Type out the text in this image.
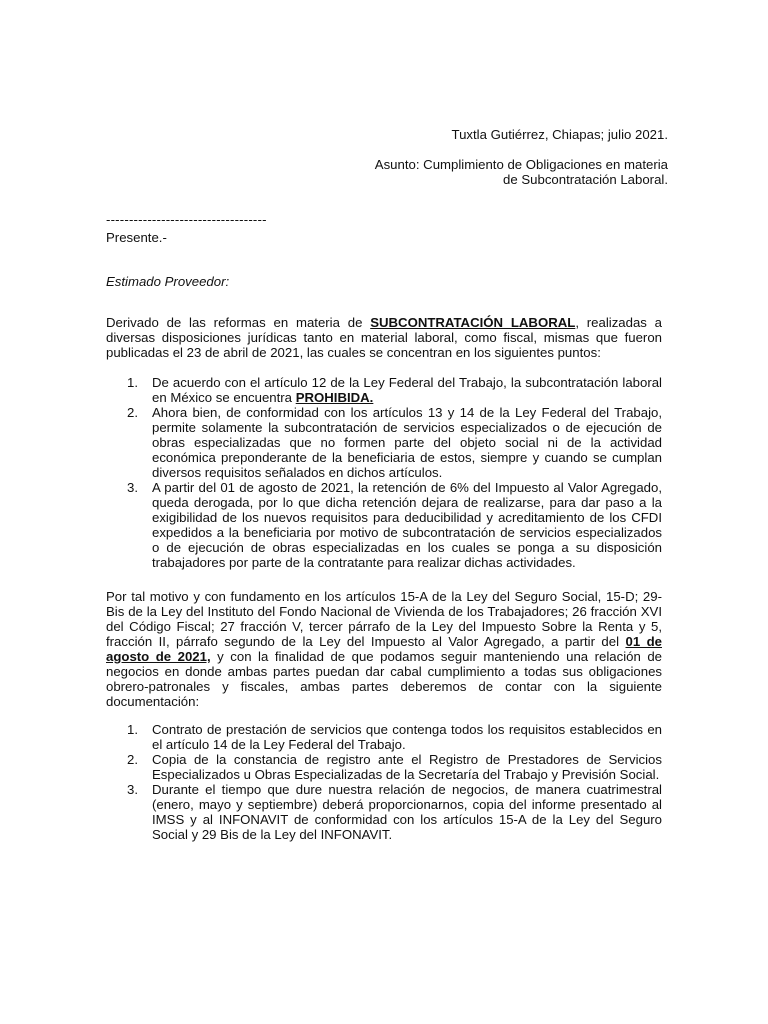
Tuxtla Gutiérrez, Chiapas; julio 2021.
Asunto: Cumplimiento de Obligaciones en materia
de Subcontratación Laboral.
-----------------------------------
Presente.-
Estimado Proveedor:
Derivado de las reformas en materia de SUBCONTRATACIÓN LABORAL, realizadas a diversas disposiciones jurídicas tanto en material laboral, como fiscal, mismas que fueron publicadas el 23 de abril de 2021, las cuales se concentran en los siguientes puntos:
1. De acuerdo con el artículo 12 de la Ley Federal del Trabajo, la subcontratación laboral en México se encuentra PROHIBIDA.
2. Ahora bien, de conformidad con los artículos 13 y 14 de la Ley Federal del Trabajo, permite solamente la subcontratación de servicios especializados o de ejecución de obras especializadas que no formen parte del objeto social ni de la actividad económica preponderante de la beneficiaria de estos, siempre y cuando se cumplan diversos requisitos señalados en dichos artículos.
3. A partir del 01 de agosto de 2021, la retención de 6% del Impuesto al Valor Agregado, queda derogada, por lo que dicha retención dejara de realizarse, para dar paso a la exigibilidad de los nuevos requisitos para deducibilidad y acreditamiento de los CFDI expedidos a la beneficiaria por motivo de subcontratación de servicios especializados o de ejecución de obras especializadas en los cuales se ponga a su disposición trabajadores por parte de la contratante para realizar dichas actividades.
Por tal motivo y con fundamento en los artículos 15-A de la Ley del Seguro Social, 15-D; 29-Bis de la Ley del Instituto del Fondo Nacional de Vivienda de los Trabajadores; 26 fracción XVI del Código Fiscal; 27 fracción V, tercer párrafo de la Ley del Impuesto Sobre la Renta y 5, fracción II, párrafo segundo de la Ley del Impuesto al Valor Agregado, a partir del 01 de agosto de 2021, y con la finalidad de que podamos seguir manteniendo una relación de negocios en donde ambas partes puedan dar cabal cumplimiento a todas sus obligaciones obrero-patronales y fiscales, ambas partes deberemos de contar con la siguiente documentación:
1. Contrato de prestación de servicios que contenga todos los requisitos establecidos en el artículo 14 de la Ley Federal del Trabajo.
2. Copia de la constancia de registro ante el Registro de Prestadores de Servicios Especializados u Obras Especializadas de la Secretaría del Trabajo y Previsión Social.
3. Durante el tiempo que dure nuestra relación de negocios, de manera cuatrimestral (enero, mayo y septiembre) deberá proporcionarnos, copia del informe presentado al IMSS y al INFONAVIT de conformidad con los artículos 15-A de la Ley del Seguro Social y 29 Bis de la Ley del INFONAVIT.
